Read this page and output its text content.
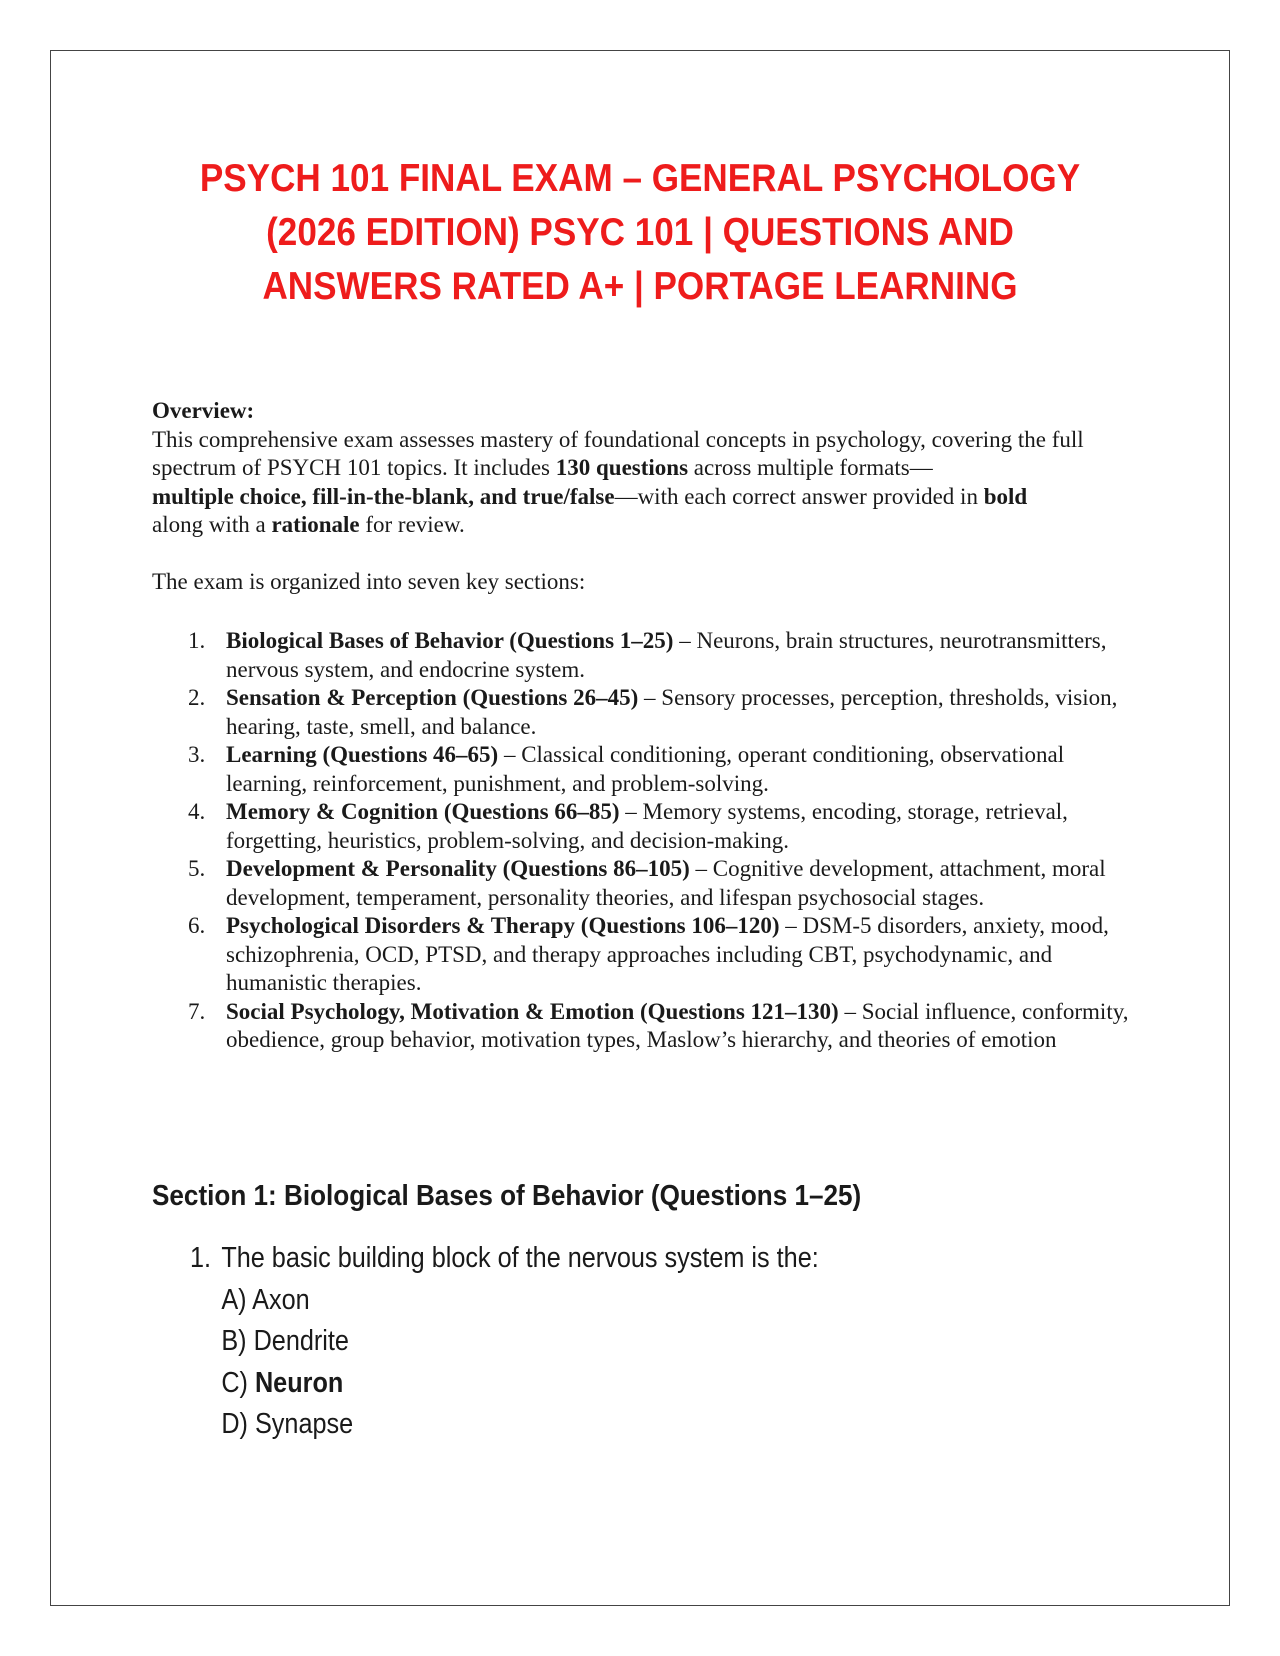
PSYCH 101 FINAL EXAM – GENERAL PSYCHOLOGY
(2026 EDITION) PSYC 101 | QUESTIONS AND
ANSWERS RATED A+ | PORTAGE LEARNING

Overview:

This comprehensive exam assesses mastery of foundational concepts in psychology, covering the full spectrum of PSYCH 101 topics. It includes 130 questions across multiple formats—
multiple choice, fill-in-the-blank, and true/false—with each correct answer provided in bold
along with a rationale for review.

The exam is organized into seven key sections:

1. Biological Bases of Behavior (Questions 1–25) – Neurons, brain structures, neurotransmitters, nervous system, and endocrine system.
2. Sensation & Perception (Questions 26–45) – Sensory processes, perception, thresholds, vision, hearing, taste, smell, and balance.
3. Learning (Questions 46–65) – Classical conditioning, operant conditioning, observational learning, reinforcement, punishment, and problem-solving.
4. Memory & Cognition (Questions 66–85) – Memory systems, encoding, storage, retrieval, forgetting, heuristics, problem-solving, and decision-making.
5. Development & Personality (Questions 86–105) – Cognitive development, attachment, moral development, temperament, personality theories, and lifespan psychosocial stages.
6. Psychological Disorders & Therapy (Questions 106–120) – DSM-5 disorders, anxiety, mood, schizophrenia, OCD, PTSD, and therapy approaches including CBT, psychodynamic, and humanistic therapies.
7. Social Psychology, Motivation & Emotion (Questions 121–130) – Social influence, conformity, obedience, group behavior, motivation types, Maslow’s hierarchy, and theories of emotion
Section 1: Biological Bases of Behavior (Questions 1–25)
1. The basic building block of the nervous system is the:
A) Axon
B) Dendrite
C) Neuron
D) Synapse
